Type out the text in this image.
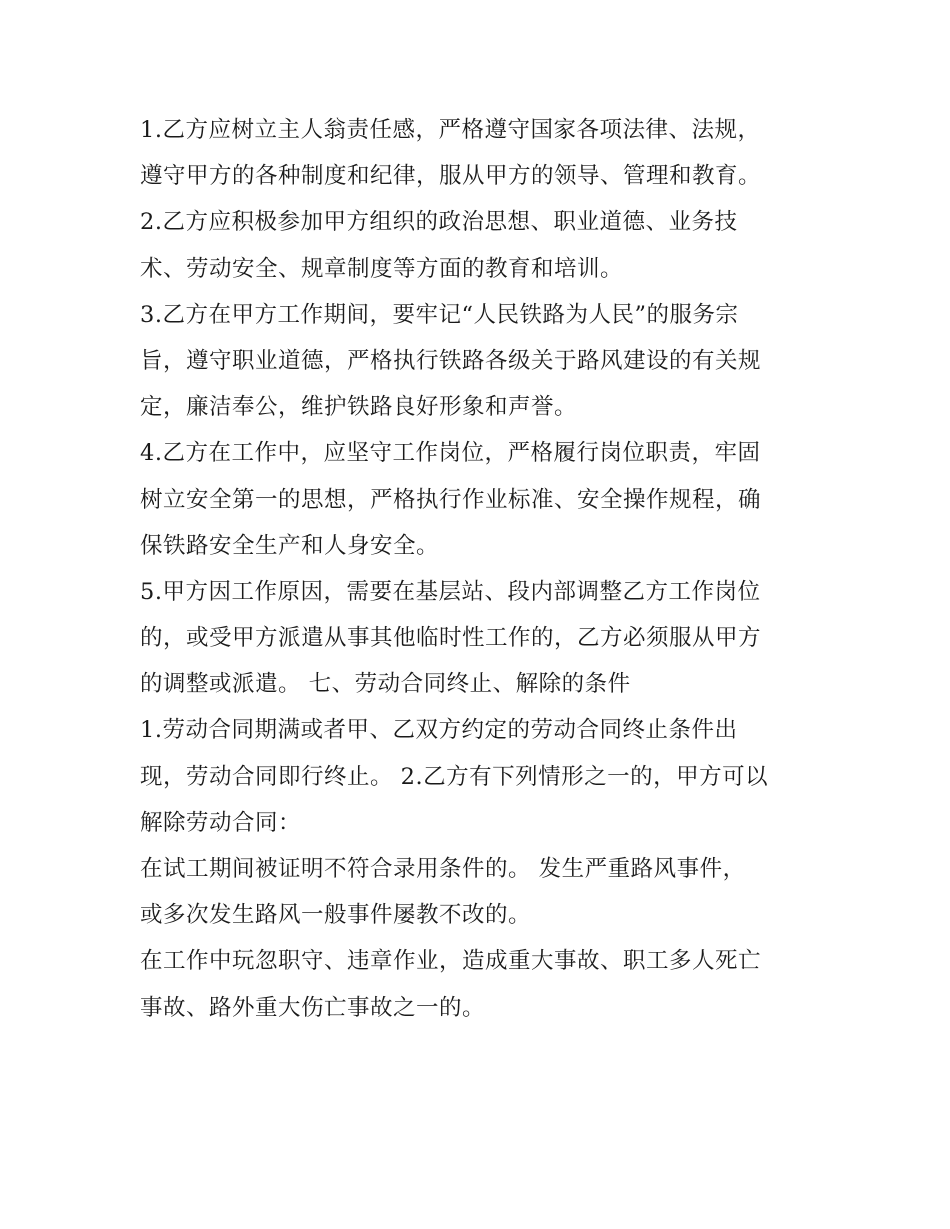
1.乙方应树立主人翁责任感，严格遵守国家各项法律、法规，
遵守甲方的各种制度和纪律，服从甲方的领导、管理和教育。
2.乙方应积极参加甲方组织的政治思想、职业道德、业务技
术、劳动安全、规章制度等方面的教育和培训。
3.乙方在甲方工作期间，要牢记“人民铁路为人民”的服务宗
旨，遵守职业道德，严格执行铁路各级关于路风建设的有关规
定，廉洁奉公，维护铁路良好形象和声誉。
4.乙方在工作中，应坚守工作岗位，严格履行岗位职责，牢固
树立安全第一的思想，严格执行作业标准、安全操作规程，确
保铁路安全生产和人身安全。
5.甲方因工作原因，需要在基层站、段内部调整乙方工作岗位
的，或受甲方派遣从事其他临时性工作的，乙方必须服从甲方
的调整或派遣。 七、劳动合同终止、解除的条件
1.劳动合同期满或者甲、乙双方约定的劳动合同终止条件出
现，劳动合同即行终止。 2.乙方有下列情形之一的，甲方可以
解除劳动合同：
在试工期间被证明不符合录用条件的。 发生严重路风事件，
或多次发生路风一般事件屡教不改的。
在工作中玩忽职守、违章作业，造成重大事故、职工多人死亡
事故、路外重大伤亡事故之一的。
